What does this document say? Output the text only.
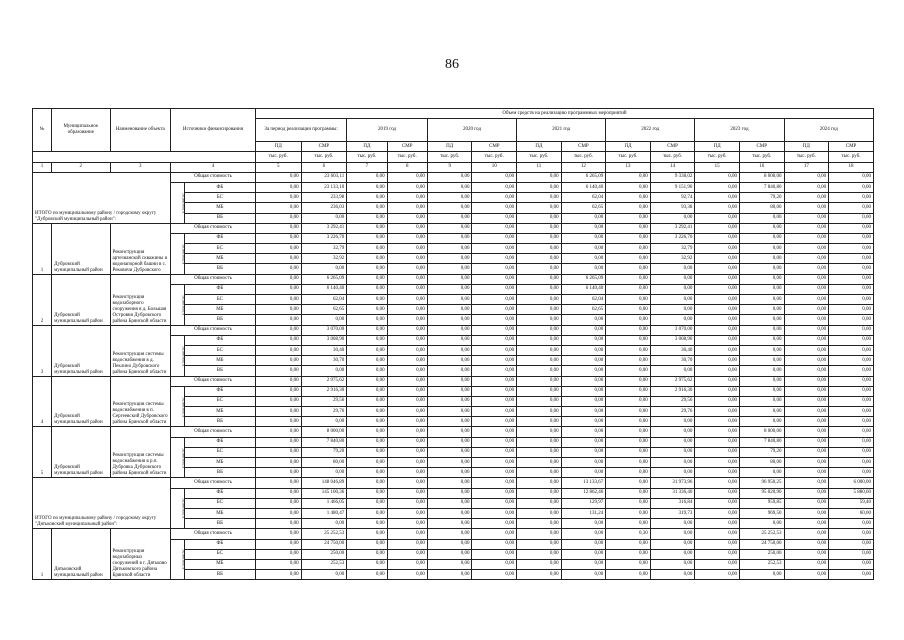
86
№	Муниципальное образование	Наименование объекта	Источники финансирования		Объем средств на реализацию программных мероприятий													
					За период реализации программы:		2019 год		2020 год		2021 год		2022 год		2023 год		2024 год	
					ПД	СМР	ПД	СМР	ПД	СМР	ПД	СМР	ПД	СМР	ПД	СМР	ПД	СМР
					тыс. руб.	тыс. руб.	тыс. руб.	тыс. руб.	тыс. руб.	тыс. руб.	тыс. руб.	тыс. руб.	тыс. руб.	тыс. руб.	тыс. руб.	тыс. руб.	тыс. руб.	тыс. руб.
1	2	3	4		5	6	7	8	9	10	11	12	13	14	15	16	17	18
ИТОГО по муниципальному району / городскому округу "Дубровский муниципальный район":			Общая стоимость		0,00	23 603,11	0,00	0,00	0,00	0,00	0,00	6 265,09	0,00	9 338,02	0,00	8 000,00	0,00	0,00
			в том числе:	ФБ	0,00	23 133,10	0,00	0,00	0,00	0,00	0,00	6 140,40	0,00	9 151,90	0,00	7 840,80	0,00	0,00
				БС	0,00	233,98	0,00	0,00	0,00	0,00	0,00	62,04	0,00	92,74	0,00	79,20	0,00	0,00
				МБ	0,00	236,03	0,00	0,00	0,00	0,00	0,00	62,65	0,00	93,38	0,00	80,00	0,00	0,00
				ВБ	0,00	0,00	0,00	0,00	0,00	0,00	0,00	0,00	0,00	0,00	0,00	0,00	0,00	0,00
1	Дубровский муниципальный район	Реконструкция артезианской скважины и водонапорной башни в с. Рековичи Дубровского	Общая стоимость		0,00	3 292,41	0,00	0,00	0,00	0,00	0,00	0,00	0,00	3 292,41	0,00	0,00	0,00	0,00
			в том числе:	ФБ	0,00	3 226,70	0,00	0,00	0,00	0,00	0,00	0,00	0,00	3 226,70	0,00	0,00	0,00	0,00
				БС	0,00	32,79	0,00	0,00	0,00	0,00	0,00	0,00	0,00	32,79	0,00	0,00	0,00	0,00
				МБ	0,00	32,92	0,00	0,00	0,00	0,00	0,00	0,00	0,00	32,92	0,00	0,00	0,00	0,00
				ВБ	0,00	0,00	0,00	0,00	0,00	0,00	0,00	0,00	0,00	0,00	0,00	0,00	0,00	0,00
2	Дубровский муниципальный район	Реконструкция водозаборного сооружения в д. Большая Островня Дубровского района Брянской области	Общая стоимость		0,00	6 265,09	0,00	0,00	0,00	0,00	0,00	6 265,09	0,00	0,00	0,00	0,00	0,00	0,00
			в том числе:	ФБ	0,00	6 140,40	0,00	0,00	0,00	0,00	0,00	6 140,40	0,00	0,00	0,00	0,00	0,00	0,00
				БС	0,00	62,04	0,00	0,00	0,00	0,00	0,00	62,04	0,00	0,00	0,00	0,00	0,00	0,00
				МБ	0,00	62,65	0,00	0,00	0,00	0,00	0,00	62,65	0,00	0,00	0,00	0,00	0,00	0,00
				ВБ	0,00	0,00	0,00	0,00	0,00	0,00	0,00	0,00	0,00	0,00	0,00	0,00	0,00	0,00
3	Дубровский муниципальный район	Реконструкция системы водоснабжения в д. Пеклино Дубровского района Брянской области	Общая стоимость		0,00	3 070,00	0,00	0,00	0,00	0,00	0,00	0,00	0,00	3 070,00	0,00	0,00	0,00	0,00
			в том числе:	ФБ	0,00	3 008,90	0,00	0,00	0,00	0,00	0,00	0,00	0,00	3 008,90	0,00	0,00	0,00	0,00
				БС	0,00	30,40	0,00	0,00	0,00	0,00	0,00	0,00	0,00	30,40	0,00	0,00	0,00	0,00
				МБ	0,00	30,70	0,00	0,00	0,00	0,00	0,00	0,00	0,00	30,70	0,00	0,00	0,00	0,00
				ВБ	0,00	0,00	0,00	0,00	0,00	0,00	0,00	0,00	0,00	0,00	0,00	0,00	0,00	0,00
4	Дубровский муниципальный район	Реконструкция системы водоснабжения в п. Сергеевский Дубровского района Брянской области	Общая стоимость		0,00	2 975,62	0,00	0,00	0,00	0,00	0,00	0,00	0,00	2 975,62	0,00	0,00	0,00	0,00
			в том числе:	ФБ	0,00	2 916,30	0,00	0,00	0,00	0,00	0,00	0,00	0,00	2 916,30	0,00	0,00	0,00	0,00
				БС	0,00	29,56	0,00	0,00	0,00	0,00	0,00	0,00	0,00	29,56	0,00	0,00	0,00	0,00
				МБ	0,00	29,76	0,00	0,00	0,00	0,00	0,00	0,00	0,00	29,76	0,00	0,00	0,00	0,00
				ВБ	0,00	0,00	0,00	0,00	0,00	0,00	0,00	0,00	0,00	0,00	0,00	0,00	0,00	0,00
5	Дубровский муниципальный район	Реконструкция системы водоснабжения в р.п. Дубровка Дубровского района Брянской области	Общая стоимость		0,00	8 000,00	0,00	0,00	0,00	0,00	0,00	0,00	0,00	0,00	0,00	8 000,00	0,00	0,00
			в том числе:	ФБ	0,00	7 840,80	0,00	0,00	0,00	0,00	0,00	0,00	0,00	0,00	0,00	7 840,80	0,00	0,00
				БС	0,00	79,20	0,00	0,00	0,00	0,00	0,00	0,00	0,00	0,00	0,00	79,20	0,00	0,00
				МБ	0,00	80,00	0,00	0,00	0,00	0,00	0,00	0,00	0,00	0,00	0,00	80,00	0,00	0,00
				ВБ	0,00	0,00	0,00	0,00	0,00	0,00	0,00	0,00	0,00	0,00	0,00	0,00	0,00	0,00
ИТОГО по муниципальному району / городскому округу "Дятьковский муниципальный район":			Общая стоимость		0,00	148 046,89	0,00	0,00	0,00	0,00	0,00	13 133,67	0,00	31 973,96	0,00	96 950,25	0,00	6 000,00
			в том числе:	ФБ	0,00	145 100,36	0,00	0,00	0,00	0,00	0,00	12 862,46	0,00	31 336,40	0,00	95 020,90	0,00	5 880,60
				БС	0,00	1 466,05	0,00	0,00	0,00	0,00	0,00	129,97	0,00	316,84	0,00	959,85	0,00	59,40
				МБ	0,00	1 480,47	0,00	0,00	0,00	0,00	0,00	131,24	0,00	319,73	0,00	969,50	0,00	60,00
				ВБ	0,00	0,00	0,00	0,00	0,00	0,00	0,00	0,00	0,00	0,00	0,00	0,00	0,00	0,00
1	Дятьковский муниципальный район	Реконструкция водозаборных сооружений в г. Дятьково Дятьковского района Брянской области	Общая стоимость		0,00	25 252,53	0,00	0,00	0,00	0,00	0,00	0,00	0,30	0,00	0,00	25 252,53	0,00	0,00
			в том числе:	ФБ	0,00	24 750,00	0,00	0,00	0,00	0,00	0,00	0,00	0,00	0,00	0,00	24 750,00	0,00	0,00
				БС	0,00	250,00	0,00	0,00	0,00	0,00	0,00	0,00	0,00	0,00	0,00	250,00	0,00	0,00
				МБ	0,00	252,53	0,00	0,00	0,00	0,00	0,00	0,00	0,00	0,00	0,00	252,53	0,00	0,00
				ВБ	0,00	0,00	0,00	0,00	0,00	0,00	0,00	0,00	0,00	0,00	0,00	0,00	0,00	0,00
